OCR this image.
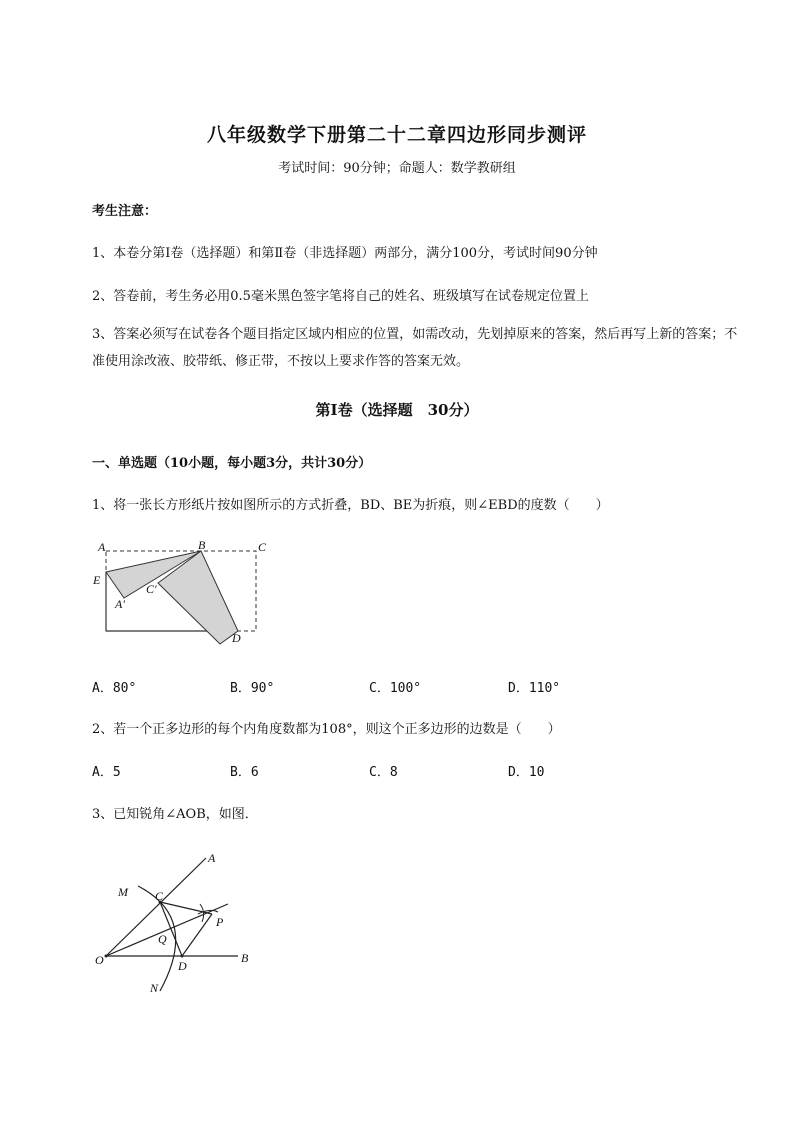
八年级数学下册第二十二章四边形同步测评
考试时间：90分钟；命题人：数学教研组
考生注意：
1、本卷分第I卷（选择题）和第Ⅱ卷（非选择题）两部分，满分100分，考试时间90分钟
2、答卷前，考生务必用0.5毫米黑色签字笔将自己的姓名、班级填写在试卷规定位置上
3、答案必须写在试卷各个题目指定区域内相应的位置，如需改动，先划掉原来的答案，然后再写上新的答案；不准使用涂改液、胶带纸、修正带，不按以上要求作答的答案无效。
第I卷（选择题　30分）
一、单选题（10小题，每小题3分，共计30分）
1、将一张长方形纸片按如图所示的方式折叠，BD、BE为折痕，则∠EBD的度数（　　）
A	B	C
E
A′
C′
D
A．80°	B．90°	C．100°	D．110°
2、若一个正多边形的每个内角度数都为108°，则这个正多边形的边数是（　　）
A．5	B．6	C．8	D．10
3、已知锐角∠AOB，如图．
A
M C
P
Q
O	D
B
N
